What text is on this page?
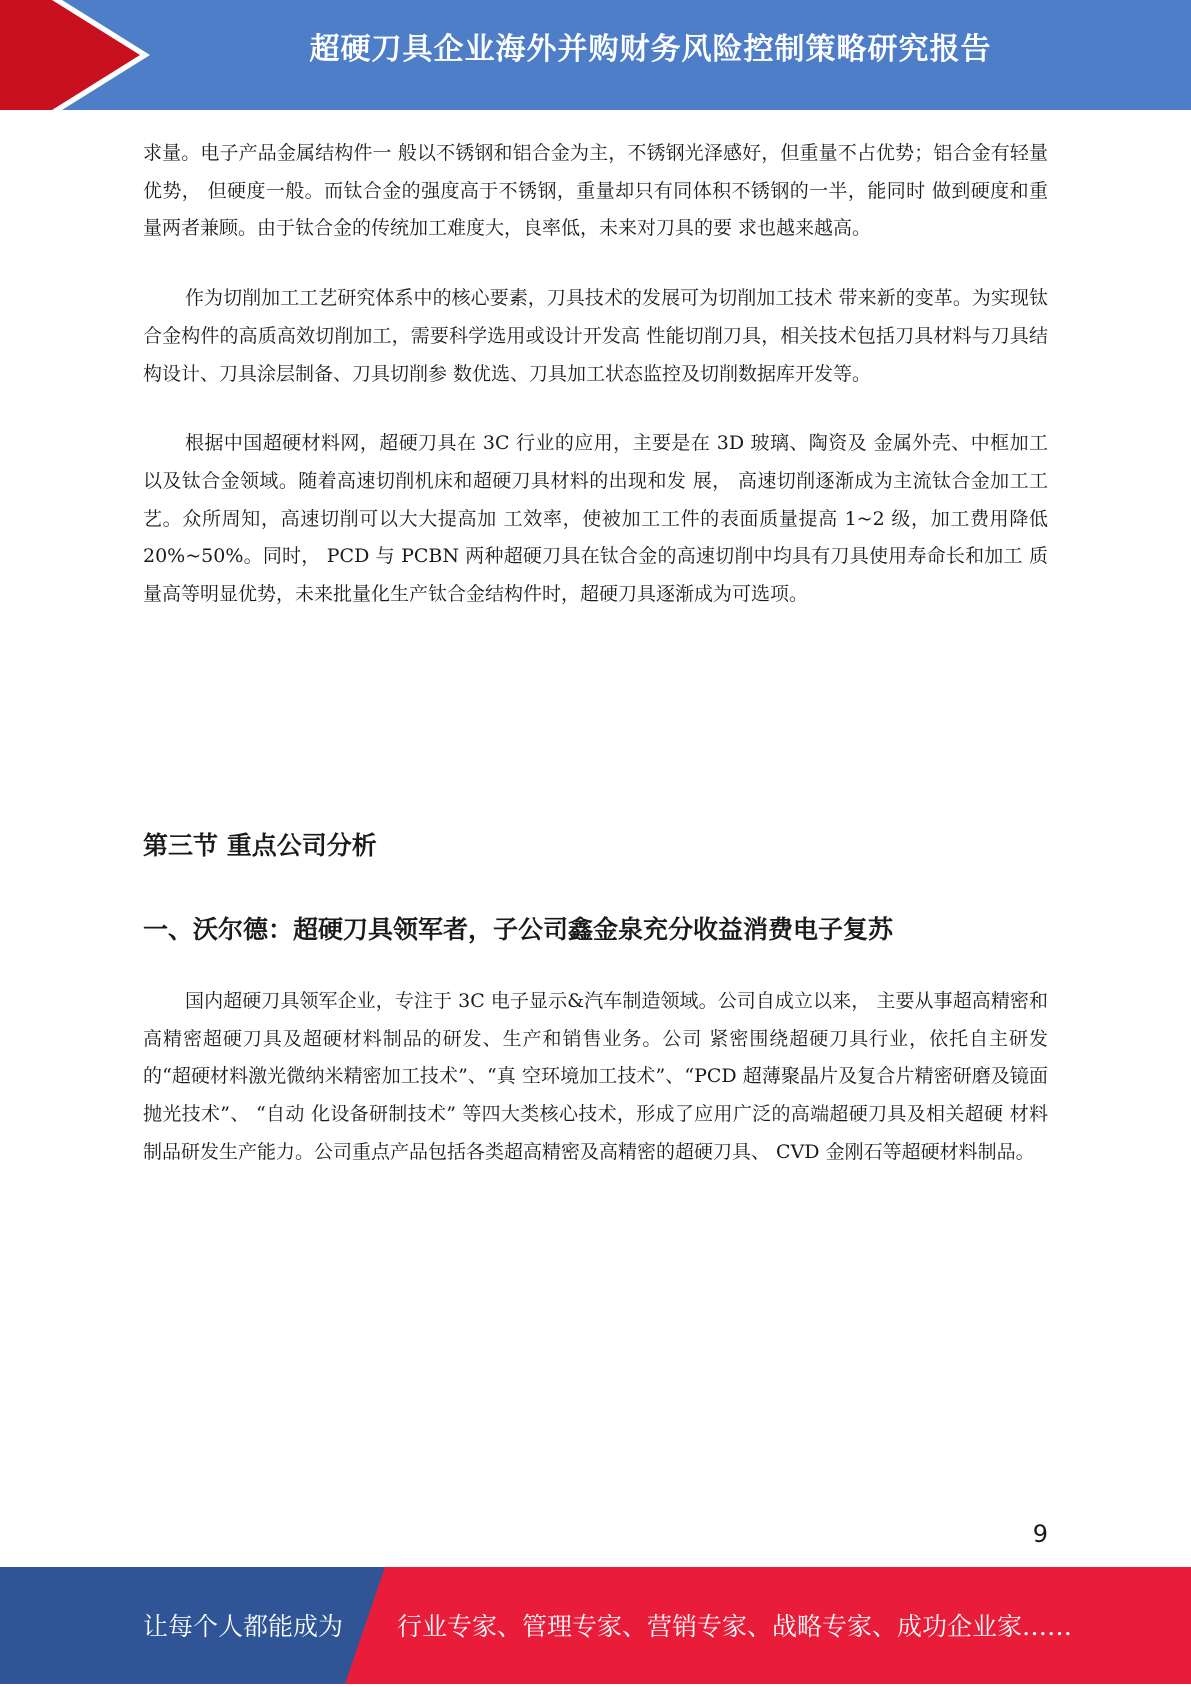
超硬刀具企业海外并购财务风险控制策略研究报告

求量。电子产品金属结构件一 般以不锈钢和铝合金为主，不锈钢光泽感好，但重量不占优势；铝合金有轻量优势， 但硬度一般。而钛合金的强度高于不锈钢，重量却只有同体积不锈钢的一半，能同时 做到硬度和重量两者兼顾。由于钛合金的传统加工难度大，良率低，未来对刀具的要 求也越来越高。

作为切削加工工艺研究体系中的核心要素，刀具技术的发展可为切削加工技术 带来新的变革。为实现钛合金构件的高质高效切削加工，需要科学选用或设计开发高 性能切削刀具，相关技术包括刀具材料与刀具结构设计、刀具涂层制备、刀具切削参 数优选、刀具加工状态监控及切削数据库开发等。

根据中国超硬材料网，超硬刀具在 3C 行业的应用，主要是在 3D 玻璃、陶资及 金属外壳、中框加工以及钛合金领域。随着高速切削机床和超硬刀具材料的出现和发 展， 高速切削逐渐成为主流钛合金加工工艺。众所周知，高速切削可以大大提高加 工效率，使被加工工件的表面质量提高 1~2 级，加工费用降低 20%~50%。同时， PCD 与 PCBN 两种超硬刀具在钛合金的高速切削中均具有刀具使用寿命长和加工 质量高等明显优势，未来批量化生产钛合金结构件时，超硬刀具逐渐成为可选项。

第三节 重点公司分析
一、沃尔德：超硬刀具领军者，子公司鑫金泉充分收益消费电子复苏

国内超硬刀具领军企业，专注于 3C 电子显示&汽车制造领域。公司自成立以来， 主要从事超高精密和高精密超硬刀具及超硬材料制品的研发、生产和销售业务。公司 紧密围绕超硬刀具行业，依托自主研发的“超硬材料激光微纳米精密加工技术”、“真 空环境加工技术”、“PCD 超薄聚晶片及复合片精密研磨及镜面抛光技术”、 “自动 化设备研制技术” 等四大类核心技术，形成了应用广泛的高端超硬刀具及相关超硬 材料制品研发生产能力。公司重点产品包括各类超高精密及高精密的超硬刀具、 CVD 金刚石等超硬材料制品。

9
让每个人都能成为 行业专家、管理专家、营销专家、战略专家、成功企业家……
